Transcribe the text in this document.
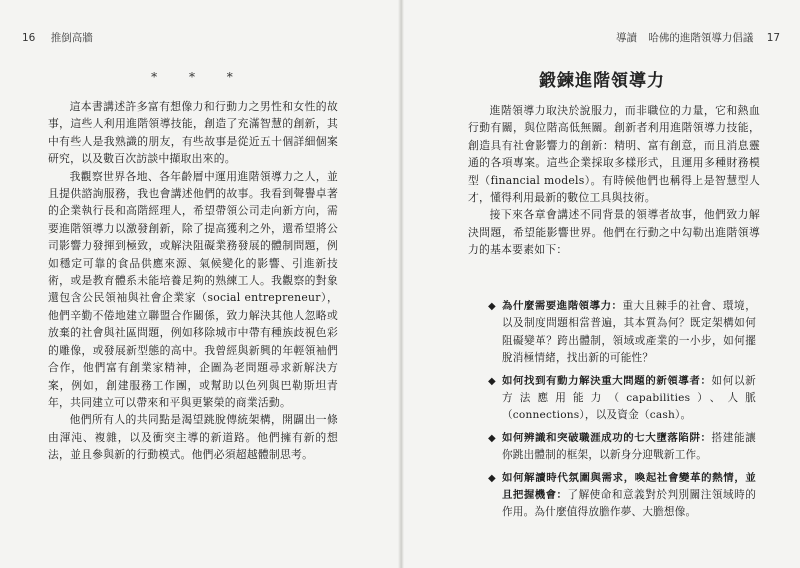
16 推倒高牆
* * *

這本書講述許多富有想像力和行動力之男性和女性的故事，這些人利用進階領導技能，創造了充滿智慧的創新，其中有些人是我熟識的朋友，有些故事是從近五十個詳細個案研究，以及數百次訪談中擷取出來的。

我觀察世界各地、各年齡層中運用進階領導力之人，並且提供諮詢服務，我也會講述他們的故事。我看到聲譽卓著的企業執行長和高階經理人，希望帶領公司走向新方向，需要進階領導力以激發創新，除了提高獲利之外，還希望將公司影響力發揮到極致，或解決阻礙業務發展的體制問題，例如穩定可靠的食品供應來源、氣候變化的影響、引進新技術，或是教育體系未能培養足夠的熟練工人。我觀察的對象還包含公民領袖與社會企業家（social entrepreneur），他們辛勤不倦地建立聯盟合作關係，致力解決其他人忽略或放棄的社會與社區問題，例如移除城市中帶有種族歧視色彩的雕像，或發展新型態的高中。我曾經與新興的年輕領袖們合作，他們富有創業家精神，企圖為老問題尋求新解決方案，例如，創建服務工作團，或幫助以色列與巴勒斯坦青年，共同建立可以帶來和平與更繁榮的商業活動。

他們所有人的共同點是渴望跳脫傳統架構，開闢出一條由渾沌、複雜，以及衝突主導的新道路。他們擁有新的想法，並且參與新的行動模式。他們必須超越體制思考。

導讀 哈佛的進階領導力倡議 17
鍛鍊進階領導力

進階領導力取決於說服力，而非職位的力量，它和熱血行動有關，與位階高低無關。創新者利用進階領導力技能，創造具有社會影響力的創新：精明、富有創意，而且消息靈通的各項專案。這些企業採取多樣形式，且運用多種財務模型（financial models）。有時候他們也稱得上是智慧型人才，懂得利用最新的數位工具與技術。

接下來各章會講述不同背景的領導者故事，他們致力解決問題，希望能影響世界。他們在行動之中勾勒出進階領導力的基本要素如下：

◆ 為什麼需要進階領導力：重大且棘手的社會、環境，以及制度問題相當普遍，其本質為何？既定架構如何阻礙變革？跨出體制，領域或產業的一小步，如何擺脫消極情緒，找出新的可能性？
◆ 如何找到有動力解決重大問題的新領導者：如何以新方法應用能力（capabilities）、人脈（connections），以及資金（cash）。
◆ 如何辨識和突破職涯成功的七大墮落陷阱：搭建能讓你跳出體制的框架，以新身分迎戰新工作。
◆ 如何解讀時代氛圍與需求，喚起社會變革的熱情，並且把握機會：了解使命和意義對於判別關注領域時的作用。為什麼值得放膽作夢、大膽想像。
